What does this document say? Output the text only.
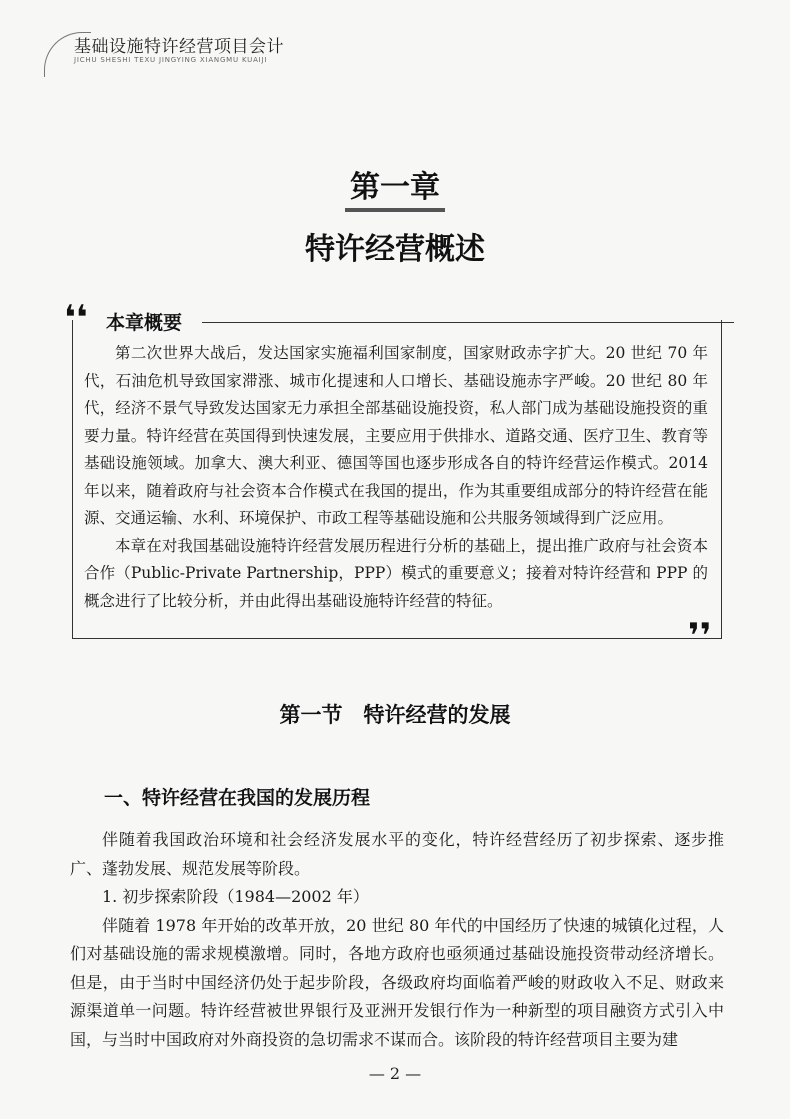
基础设施特许经营项目会计
JICHU SHESHI TEXU JINGYING XIANGMU KUAIJI
第一章
特许经营概述
❛❛ 本章概要
❜❜

第二次世界大战后，发达国家实施福利国家制度，国家财政赤字扩大。20 世纪 70 年代，石油危机导致国家滞涨、城市化提速和人口增长、基础设施赤字严峻。20 世纪 80 年代，经济不景气导致发达国家无力承担全部基础设施投资，私人部门成为基础设施投资的重要力量。特许经营在英国得到快速发展，主要应用于供排水、道路交通、医疗卫生、教育等基础设施领域。加拿大、澳大利亚、德国等国也逐步形成各自的特许经营运作模式。2014 年以来，随着政府与社会资本合作模式在我国的提出，作为其重要组成部分的特许经营在能源、交通运输、水利、环境保护、市政工程等基础设施和公共服务领域得到广泛应用。

本章在对我国基础设施特许经营发展历程进行分析的基础上，提出推广政府与社会资本合作（Public-Private Partnership，PPP）模式的重要意义；接着对特许经营和 PPP 的概念进行了比较分析，并由此得出基础设施特许经营的特征。

第一节　特许经营的发展
一、特许经营在我国的发展历程

伴随着我国政治环境和社会经济发展水平的变化，特许经营经历了初步探索、逐步推广、蓬勃发展、规范发展等阶段。

1. 初步探索阶段（1984—2002 年）

伴随着 1978 年开始的改革开放，20 世纪 80 年代的中国经历了快速的城镇化过程，人们对基础设施的需求规模激增。同时，各地方政府也亟须通过基础设施投资带动经济增长。但是，由于当时中国经济仍处于起步阶段，各级政府均面临着严峻的财政收入不足、财政来源渠道单一问题。特许经营被世界银行及亚洲开发银行作为一种新型的项目融资方式引入中国，与当时中国政府对外商投资的急切需求不谋而合。该阶段的特许经营项目主要为建

— 2 —
